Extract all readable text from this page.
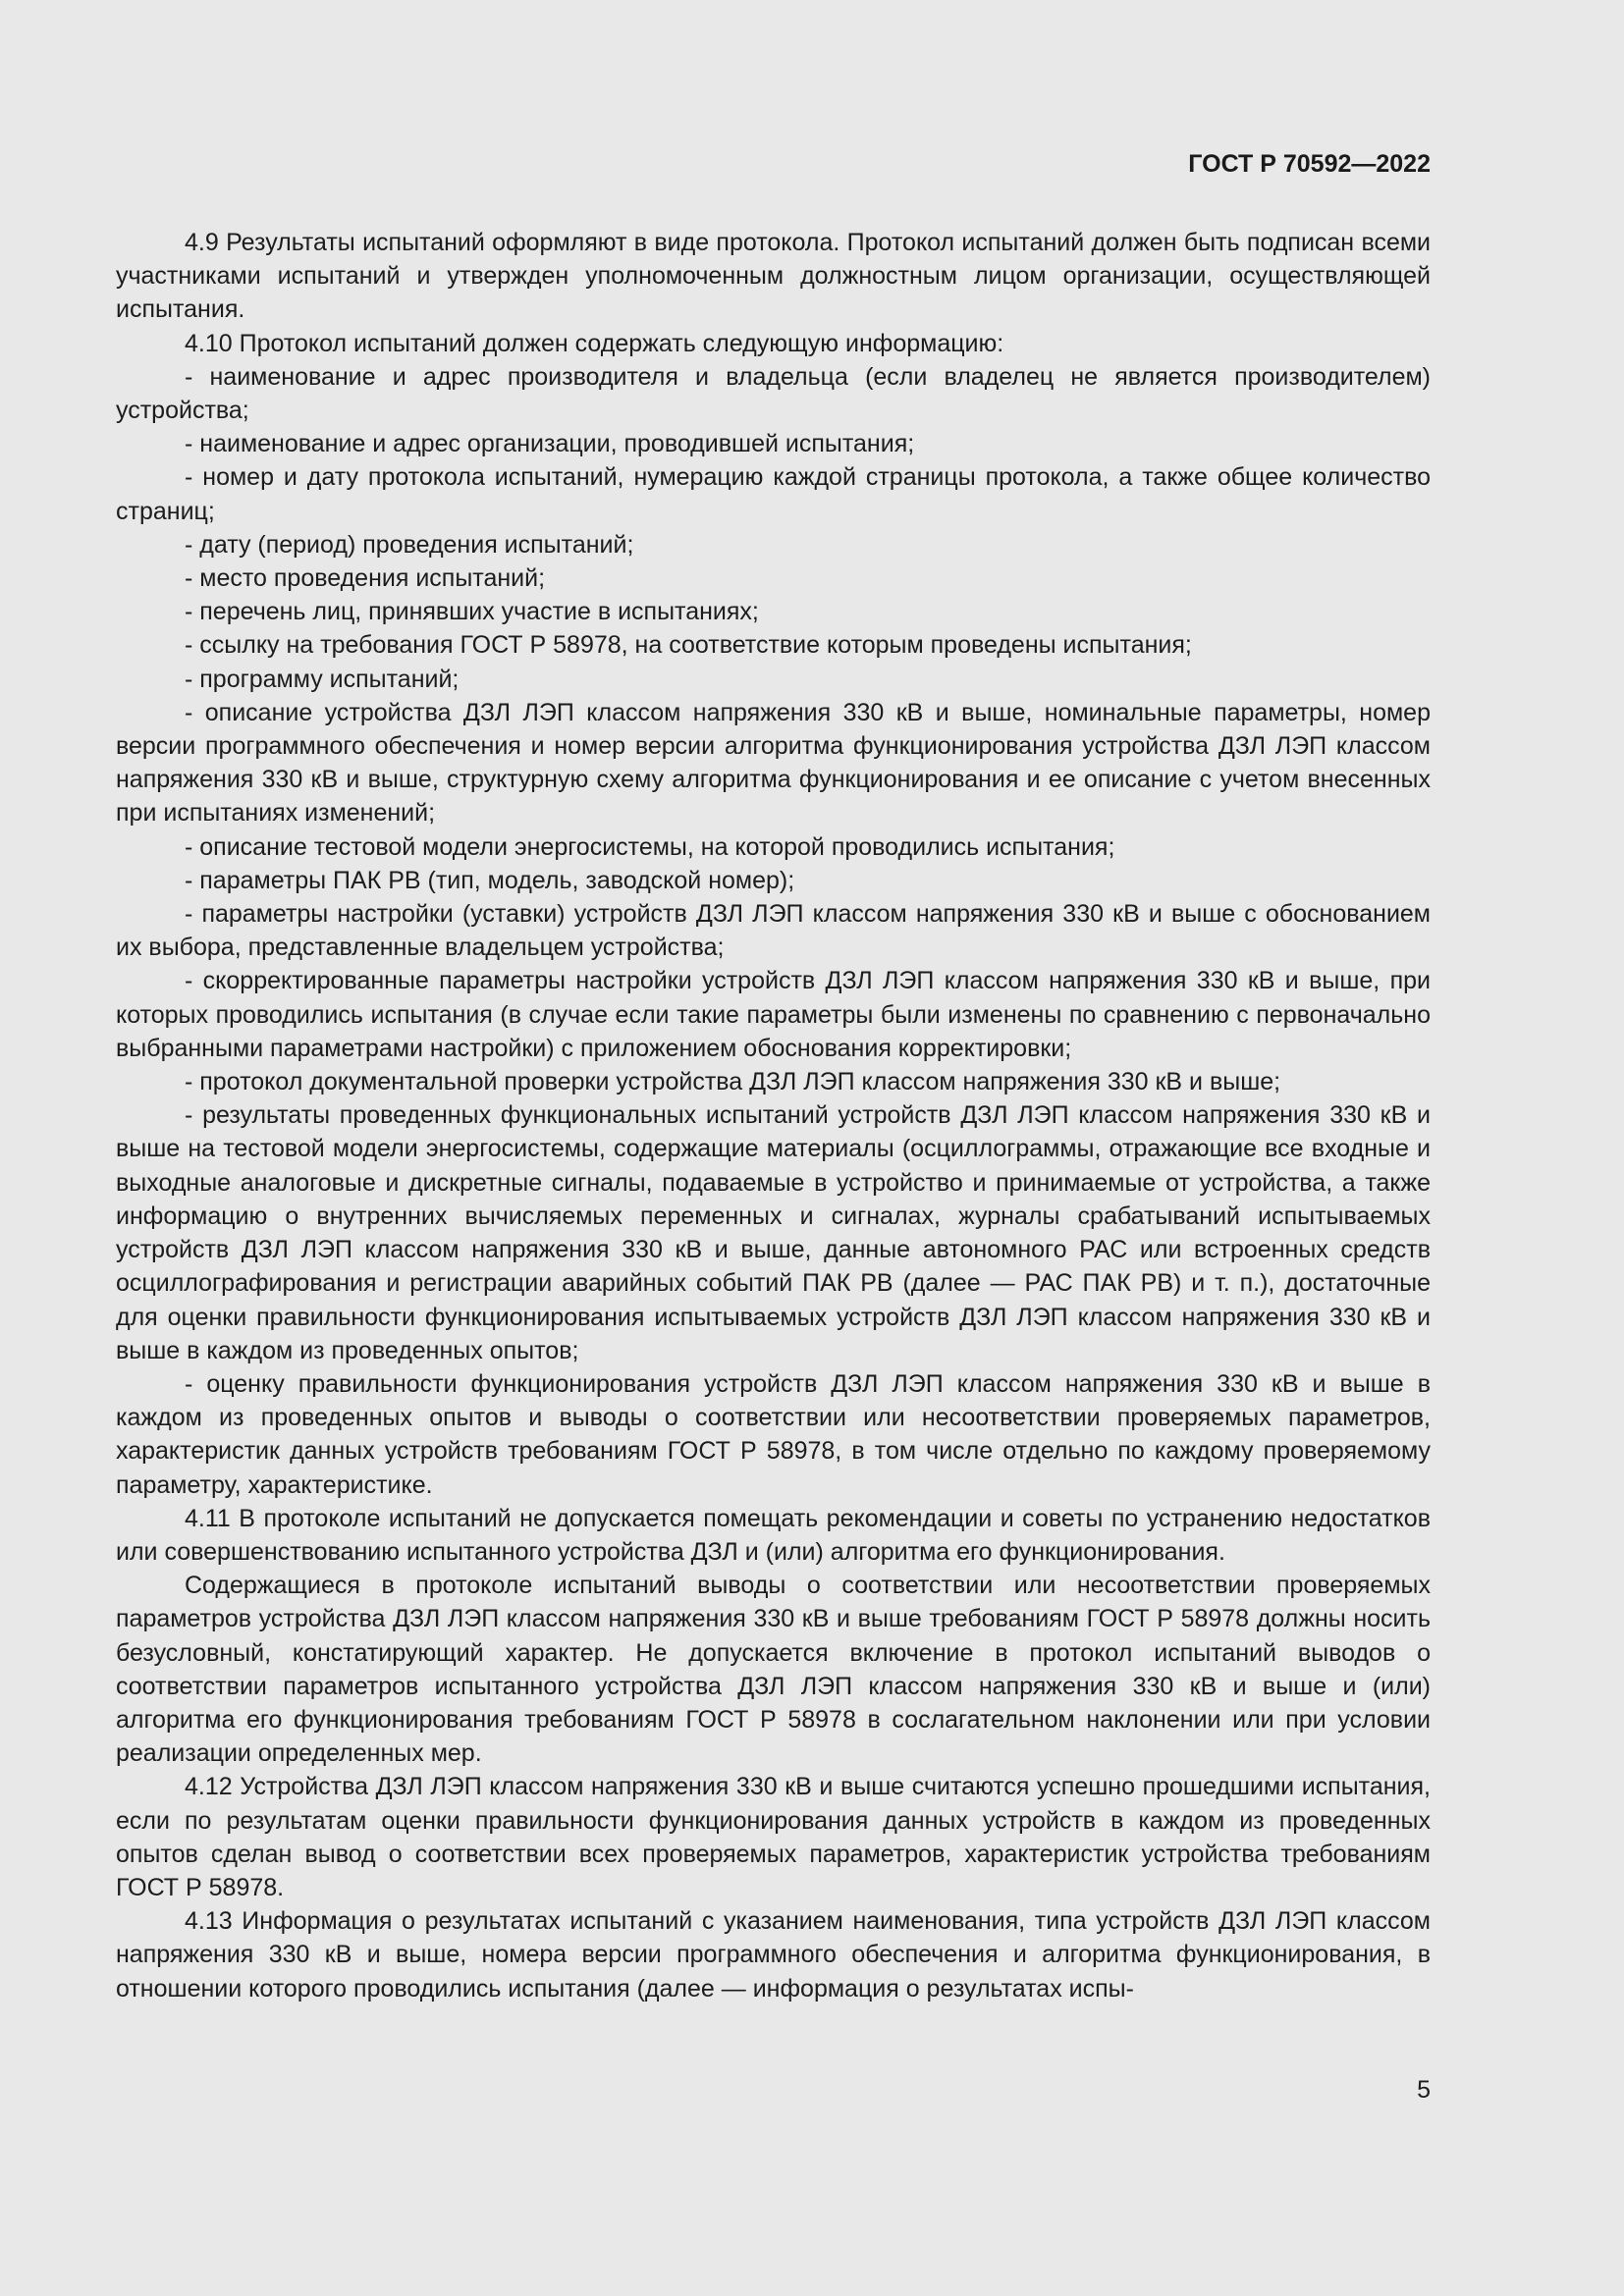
ГОСТ Р 70592—2022

4.9 Результаты испытаний оформляют в виде протокола. Протокол испытаний должен быть подписан всеми участниками испытаний и утвержден уполномоченным должностным лицом организации, осуществляющей испытания.

4.10 Протокол испытаний должен содержать следующую информацию:

- наименование и адрес производителя и владельца (если владелец не является производителем) устройства;

- наименование и адрес организации, проводившей испытания;

- номер и дату протокола испытаний, нумерацию каждой страницы протокола, а также общее количество страниц;

- дату (период) проведения испытаний;

- место проведения испытаний;

- перечень лиц, принявших участие в испытаниях;

- ссылку на требования ГОСТ Р 58978, на соответствие которым проведены испытания;

- программу испытаний;

- описание устройства ДЗЛ ЛЭП классом напряжения 330 кВ и выше, номинальные параметры, номер версии программного обеспечения и номер версии алгоритма функционирования устройства ДЗЛ ЛЭП классом напряжения 330 кВ и выше, структурную схему алгоритма функционирования и ее описание с учетом внесенных при испытаниях изменений;

- описание тестовой модели энергосистемы, на которой проводились испытания;

- параметры ПАК РВ (тип, модель, заводской номер);

- параметры настройки (уставки) устройств ДЗЛ ЛЭП классом напряжения 330 кВ и выше с обоснованием их выбора, представленные владельцем устройства;

- скорректированные параметры настройки устройств ДЗЛ ЛЭП классом напряжения 330 кВ и выше, при которых проводились испытания (в случае если такие параметры были изменены по сравнению с первоначально выбранными параметрами настройки) с приложением обоснования корректировки;

- протокол документальной проверки устройства ДЗЛ ЛЭП классом напряжения 330 кВ и выше;

- результаты проведенных функциональных испытаний устройств ДЗЛ ЛЭП классом напряжения 330 кВ и выше на тестовой модели энергосистемы, содержащие материалы (осциллограммы, отражающие все входные и выходные аналоговые и дискретные сигналы, подаваемые в устройство и принимаемые от устройства, а также информацию о внутренних вычисляемых переменных и сигналах, журналы срабатываний испытываемых устройств ДЗЛ ЛЭП классом напряжения 330 кВ и выше, данные автономного РАС или встроенных средств осциллографирования и регистрации аварийных событий ПАК РВ (далее — РАС ПАК РВ) и т. п.), достаточные для оценки правильности функционирования испытываемых устройств ДЗЛ ЛЭП классом напряжения 330 кВ и выше в каждом из проведенных опытов;

- оценку правильности функционирования устройств ДЗЛ ЛЭП классом напряжения 330 кВ и выше в каждом из проведенных опытов и выводы о соответствии или несоответствии проверяемых параметров, характеристик данных устройств требованиям ГОСТ Р 58978, в том числе отдельно по каждому проверяемому параметру, характеристике.

4.11 В протоколе испытаний не допускается помещать рекомендации и советы по устранению недостатков или совершенствованию испытанного устройства ДЗЛ и (или) алгоритма его функционирования.

Содержащиеся в протоколе испытаний выводы о соответствии или несоответствии проверяемых параметров устройства ДЗЛ ЛЭП классом напряжения 330 кВ и выше требованиям ГОСТ Р 58978 должны носить безусловный, констатирующий характер. Не допускается включение в протокол испытаний выводов о соответствии параметров испытанного устройства ДЗЛ ЛЭП классом напряжения 330 кВ и выше и (или) алгоритма его функционирования требованиям ГОСТ Р 58978 в сослагательном наклонении или при условии реализации определенных мер.

4.12 Устройства ДЗЛ ЛЭП классом напряжения 330 кВ и выше считаются успешно прошедшими испытания, если по результатам оценки правильности функционирования данных устройств в каждом из проведенных опытов сделан вывод о соответствии всех проверяемых параметров, характеристик устройства требованиям ГОСТ Р 58978.

4.13 Информация о результатах испытаний с указанием наименования, типа устройств ДЗЛ ЛЭП классом напряжения 330 кВ и выше, номера версии программного обеспечения и алгоритма функционирования, в отношении которого проводились испытания (далее — информация о результатах испы-

5
